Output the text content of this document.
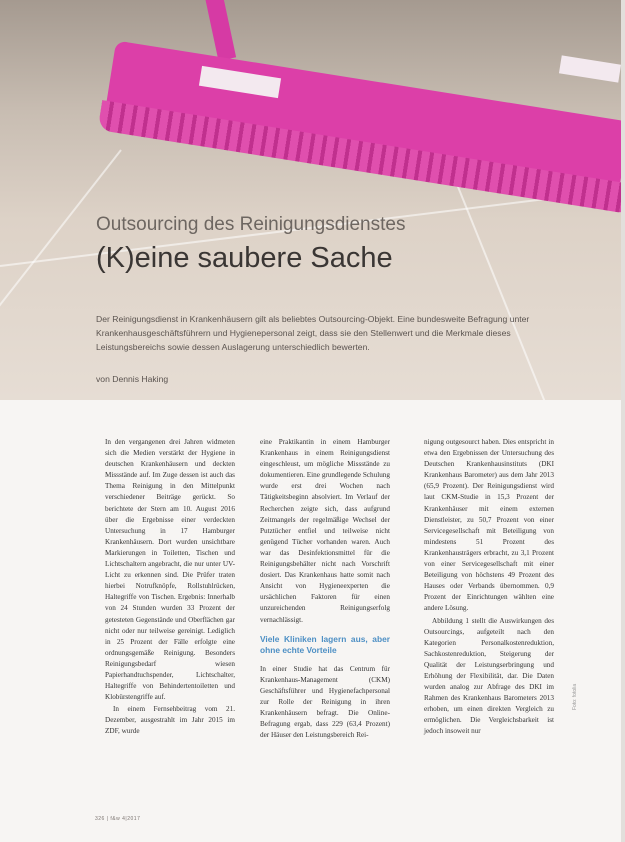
Outsourcing des Reinigungsdienstes
(K)eine saubere Sache
Der Reinigungsdienst in Krankenhäusern gilt als beliebtes Outsourcing-Objekt. Eine bundesweite Befragung unter Krankenhausgeschäftsführern und Hygienepersonal zeigt, dass sie den Stellenwert und die Merkmale dieses Leistungsbereichs sowie dessen Auslagerung unterschiedlich bewerten.
von Dennis Haking

In den vergangenen drei Jahren widmeten sich die Medien verstärkt der Hygiene in deutschen Krankenhäusern und deckten Missstände auf. Im Zuge dessen ist auch das Thema Reinigung in den Mittelpunkt verschiedener Beiträge gerückt. So berichtete der Stern am 10. August 2016 über die Ergebnisse einer verdeckten Untersuchung in 17 Hamburger Krankenhäusern. Dort wurden unsichtbare Markierungen in Toiletten, Tischen und Lichtschaltern angebracht, die nur unter UV-Licht zu erkennen sind. Die Prüfer traten hierbei Notrufknöpfe, Rollstuhlrücken, Haltegriffe von Tischen. Ergebnis: Innerhalb von 24 Stunden wurden 33 Prozent der getesteten Gegenstände und Oberflächen gar nicht oder nur teilweise gereinigt. Lediglich in 25 Prozent der Fälle erfolgte eine ordnungsgemäße Reinigung. Besonders Reinigungsbedarf wiesen Papierhandtuchspender, Lichtschalter, Haltegriffe von Behindertentoiletten und Klobürstengriffe auf.

In einem Fernsehbeitrag vom 21. Dezember, ausgestrahlt im Jahr 2015 im ZDF, wurde

eine Praktikantin in einem Hamburger Krankenhaus in einem Reinigungsdienst eingeschleust, um mögliche Missstände zu dokumentieren. Eine grundlegende Schulung wurde erst drei Wochen nach Tätigkeitsbeginn absolviert. Im Verlauf der Recherchen zeigte sich, dass aufgrund Zeitmangels der regelmäßige Wechsel der Putztücher entfiel und teilweise nicht genügend Tücher vorhanden waren. Auch war das Desinfektionsmittel für die Reinigungsbehälter nicht nach Vorschrift dosiert. Das Krankenhaus hatte somit nach Ansicht von Hygieneexperten die ursächlichen Faktoren für einen unzureichenden Reinigungserfolg vernachlässigt.

Viele Kliniken lagern aus, aber ohne echte Vorteile

In einer Studie hat das Centrum für Krankenhaus-Management (CKM) Geschäftsführer und Hygienefachpersonal zur Rolle der Reinigung in ihren Krankenhäusern befragt. Die Online-Befragung ergab, dass 229 (63,4 Prozent) der Häuser den Leistungsbereich Rei-

nigung outgesourct haben. Dies entspricht in etwa den Ergebnissen der Untersuchung des Deutschen Krankenhausinstituts (DKI Krankenhaus Barometer) aus dem Jahr 2013 (65,9 Prozent). Der Reinigungsdienst wird laut CKM-Studie in 15,3 Prozent der Krankenhäuser mit einem externen Dienstleister, zu 50,7 Prozent von einer Servicegesellschaft mit Beteiligung von mindestens 51 Prozent des Krankenhausträgers erbracht, zu 3,1 Prozent von einer Servicegesellschaft mit einer Beteiligung von höchstens 49 Prozent des Hauses oder Verbands übernommen. 0,9 Prozent der Einrichtungen wählten eine andere Lösung.

Abbildung 1 stellt die Auswirkungen des Outsourcings, aufgeteilt nach den Kategorien Personalkostenreduktion, Sachkostenreduktion, Steigerung der Qualität der Leistungserbringung und Erhöhung der Flexibilität, dar. Die Daten wurden analog zur Abfrage des DKI im Rahmen des Krankenhaus Barometers 2013 erhoben, um einen direkten Vergleich zu ermöglichen. Die Vergleichsbarkeit ist jedoch insoweit nur

326 | f&w 4|2017
Foto: fotolia
